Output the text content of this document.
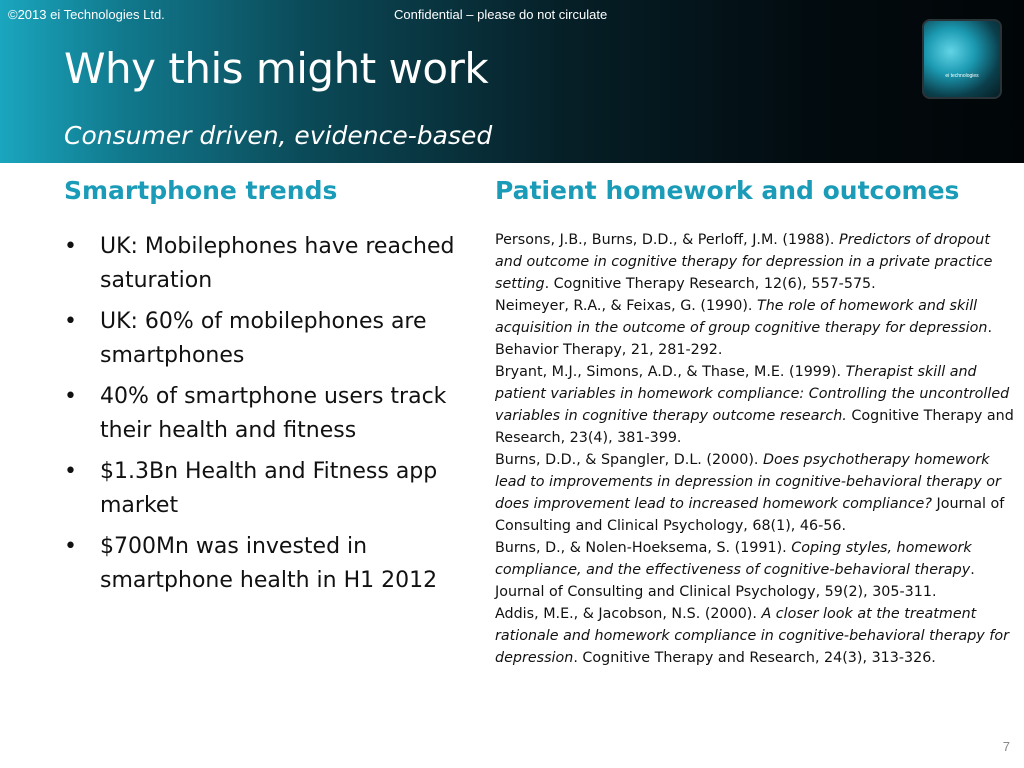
©2013 ei Technologies Ltd.	Confidential – please do not circulate
Why this might work
Consumer driven, evidence-based
ei technologies
Smartphone trends
• UK: Mobilephones have reached saturation
• UK: 60% of mobilephones are smartphones
• 40% of smartphone users track their health and fitness
• $1.3Bn Health and Fitness app market
• $700Mn was invested in smartphone health in H1 2012
Patient homework and outcomes

Persons, J.B., Burns, D.D., & Perloff, J.M. (1988). Predictors of dropout and outcome in cognitive therapy for depression in a private practice setting. Cognitive Therapy Research, 12(6), 557-575.

Neimeyer, R.A., & Feixas, G. (1990). The role of homework and skill acquisition in the outcome of group cognitive therapy for depression. Behavior Therapy, 21, 281-292.

Bryant, M.J., Simons, A.D., & Thase, M.E. (1999). Therapist skill and patient variables in homework compliance: Controlling the uncontrolled variables in cognitive therapy outcome research. Cognitive Therapy and Research, 23(4), 381-399.

Burns, D.D., & Spangler, D.L. (2000). Does psychotherapy homework lead to improvements in depression in cognitive-behavioral therapy or does improvement lead to increased homework compliance? Journal of Consulting and Clinical Psychology, 68(1), 46-56.

Burns, D., & Nolen-Hoeksema, S. (1991). Coping styles, homework compliance, and the effectiveness of cognitive-behavioral therapy. Journal of Consulting and Clinical Psychology, 59(2), 305-311.

Addis, M.E., & Jacobson, N.S. (2000). A closer look at the treatment rationale and homework compliance in cognitive-behavioral therapy for depression. Cognitive Therapy and Research, 24(3), 313-326.

7
